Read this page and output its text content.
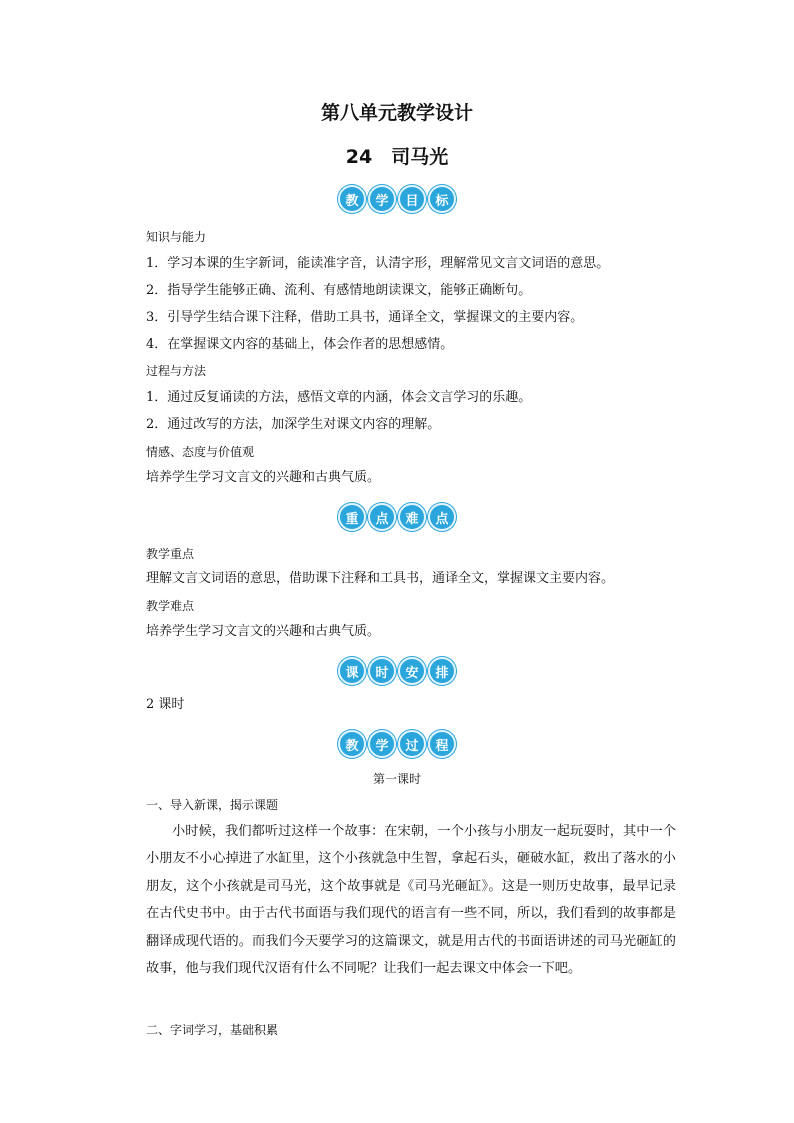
第八单元教学设计
24　司马光
教	学	目	标
知识与能力
1．学习本课的生字新词，能读准字音，认清字形，理解常见文言文词语的意思。
2．指导学生能够正确、流利、有感情地朗读课文，能够正确断句。
3．引导学生结合课下注释，借助工具书，通译全文，掌握课文的主要内容。
4．在掌握课文内容的基础上，体会作者的思想感情。
过程与方法
1．通过反复诵读的方法，感悟文章的内涵，体会文言学习的乐趣。
2．通过改写的方法，加深学生对课文内容的理解。
情感、态度与价值观
培养学生学习文言文的兴趣和古典气质。
重	点	难	点
教学重点
理解文言文词语的意思，借助课下注释和工具书，通译全文，掌握课文主要内容。
教学难点
培养学生学习文言文的兴趣和古典气质。
课	时	安	排
2 课时
教	学	过	程
第一课时
一、导入新课，揭示课题
小时候，我们都听过这样一个故事：在宋朝，一个小孩与小朋友一起玩耍时，其中一个小朋友不小心掉进了水缸里，这个小孩就急中生智，拿起石头，砸破水缸，救出了落水的小朋友，这个小孩就是司马光，这个故事就是《司马光砸缸》。这是一则历史故事，最早记录在古代史书中。由于古代书面语与我们现代的语言有一些不同，所以，我们看到的故事都是翻译成现代语的。而我们今天要学习的这篇课文，就是用古代的书面语讲述的司马光砸缸的故事，他与我们现代汉语有什么不同呢？让我们一起去课文中体会一下吧。
二、字词学习，基础积累
